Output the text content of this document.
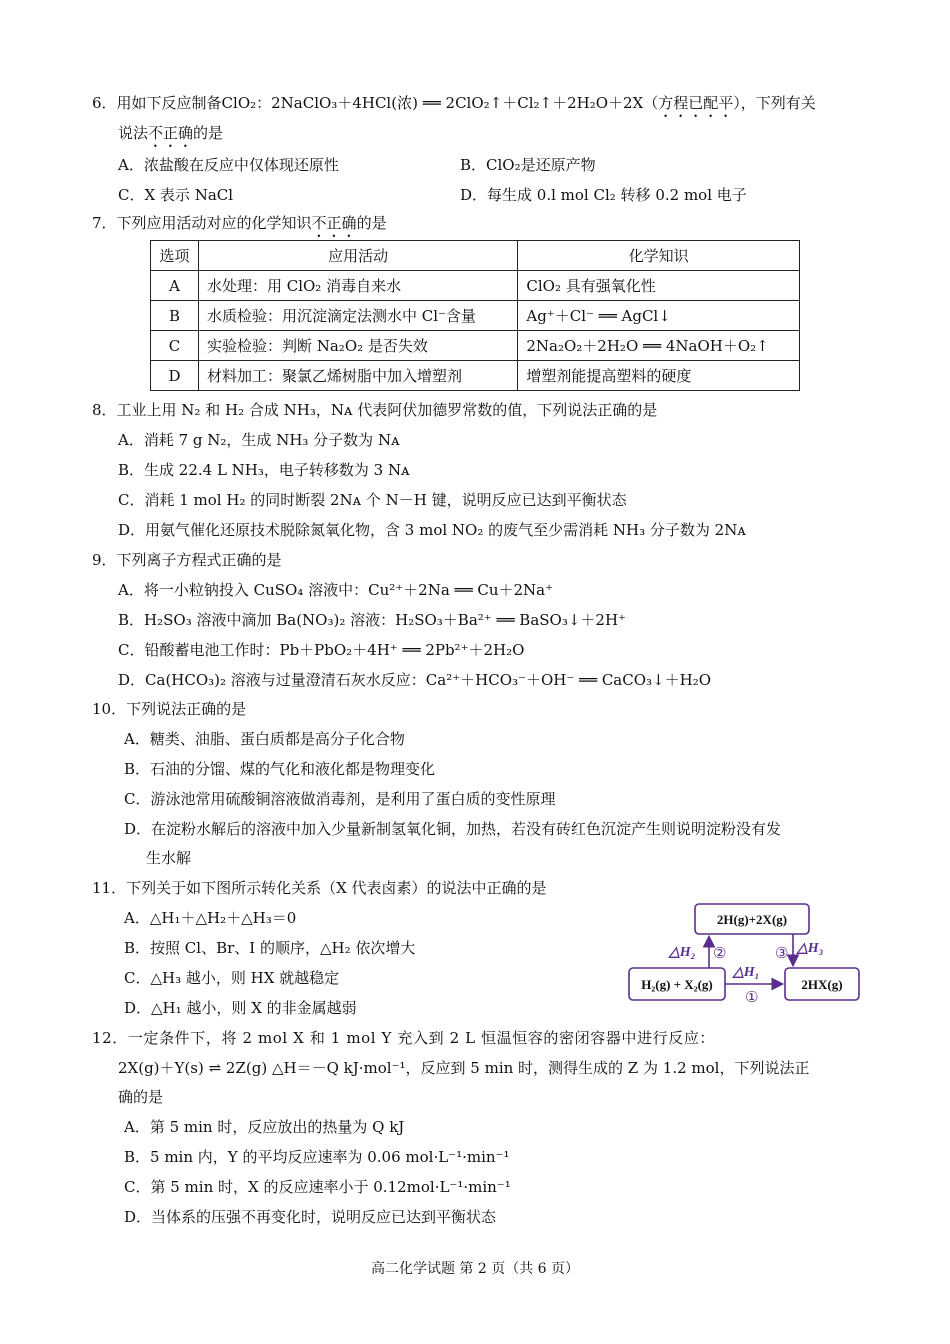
6．用如下反应制备ClO₂：2NaClO₃＋4HCl(浓) ══ 2ClO₂↑＋Cl₂↑＋2H₂O＋2X（方程已配平），下列有关
说法不正确的是
A．浓盐酸在反应中仅体现还原性	B．ClO₂是还原产物
C．X 表示 NaCl	D．每生成 0.l mol Cl₂ 转移 0.2 mol 电子
7．下列应用活动对应的化学知识不正确的是
选项	应用活动	化学知识
A	水处理：用 ClO₂ 消毒自来水	ClO₂ 具有强氧化性
B	水质检验：用沉淀滴定法测水中 Cl⁻含量	Ag⁺＋Cl⁻ ══ AgCl↓
C	实验检验：判断 Na₂O₂ 是否失效	2Na₂O₂＋2H₂O ══ 4NaOH＋O₂↑
D	材料加工：聚氯乙烯树脂中加入增塑剂	增塑剂能提高塑料的硬度
8．工业上用 N₂ 和 H₂ 合成 NH₃，Nᴀ 代表阿伏加德罗常数的值，下列说法正确的是
A．消耗 7 g N₂，生成 NH₃ 分子数为 Nᴀ
B．生成 22.4 L NH₃，电子转移数为 3 Nᴀ
C．消耗 1 mol H₂ 的同时断裂 2Nᴀ 个 N－H 键，说明反应已达到平衡状态
D．用氨气催化还原技术脱除氮氧化物，含 3 mol NO₂ 的废气至少需消耗 NH₃ 分子数为 2Nᴀ
9．下列离子方程式正确的是
A．将一小粒钠投入 CuSO₄ 溶液中：Cu²⁺＋2Na ══ Cu＋2Na⁺
B．H₂SO₃ 溶液中滴加 Ba(NO₃)₂ 溶液：H₂SO₃＋Ba²⁺ ══ BaSO₃↓＋2H⁺
C．铅酸蓄电池工作时：Pb＋PbO₂＋4H⁺ ══ 2Pb²⁺＋2H₂O
D．Ca(HCO₃)₂ 溶液与过量澄清石灰水反应：Ca²⁺＋HCO₃⁻＋OH⁻ ══ CaCO₃↓＋H₂O
10．下列说法正确的是
A．糖类、油脂、蛋白质都是高分子化合物
B．石油的分馏、煤的气化和液化都是物理变化
C．游泳池常用硫酸铜溶液做消毒剂，是利用了蛋白质的变性原理
D．在淀粉水解后的溶液中加入少量新制氢氧化铜，加热，若没有砖红色沉淀产生则说明淀粉没有发
生水解
11．下列关于如下图所示转化关系（X 代表卤素）的说法中正确的是
A．△H₁＋△H₂＋△H₃＝0
B．按照 Cl、Br、I 的顺序，△H₂ 依次增大
C．△H₃ 越小，则 HX 就越稳定
D．△H₁ 越小，则 X 的非金属越弱
2H(g)+2X(g)
H₂(g) + X₂(g)	2HX(g)
△H₂ ②	③ △H₃
△H₁
①
12．一定条件下，将 2 mol X 和 1 mol Y 充入到 2 L 恒温恒容的密闭容器中进行反应：
2X(g)＋Y(s) ⇌ 2Z(g) △H＝－Q kJ·mol⁻¹，反应到 5 min 时，测得生成的 Z 为 1.2 mol，下列说法正
确的是
A．第 5 min 时，反应放出的热量为 Q kJ
B．5 min 内，Y 的平均反应速率为 0.06 mol·L⁻¹·min⁻¹
C．第 5 min 时，X 的反应速率小于 0.12mol·L⁻¹·min⁻¹
D．当体系的压强不再变化时，说明反应已达到平衡状态
高二化学试题 第 2 页（共 6 页）
